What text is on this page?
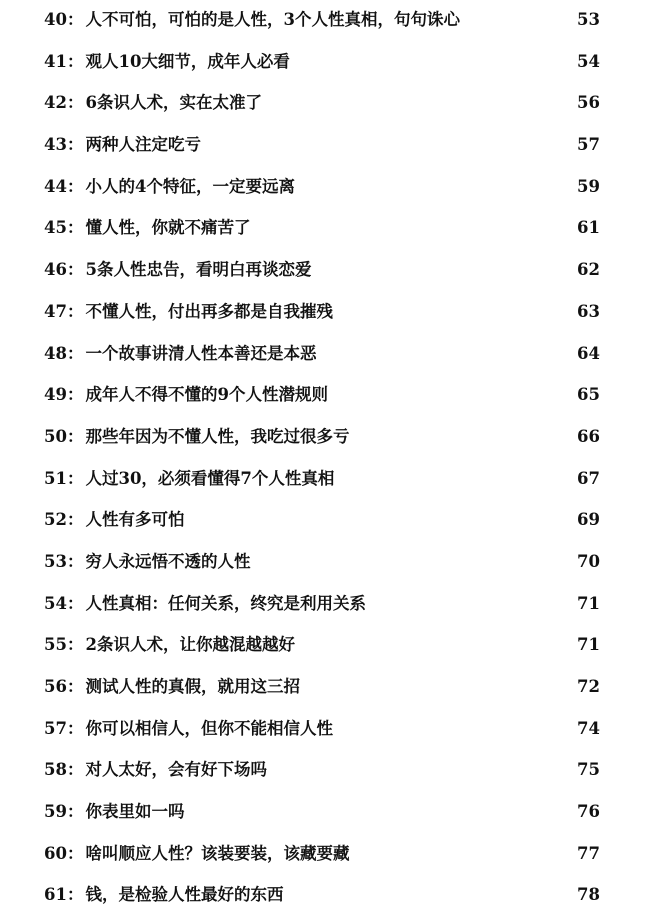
40： 人不可怕，可怕的是人性，3个人性真相，句句诛心	53
41： 观人10大细节，成年人必看	54
42： 6条识人术，实在太准了	56
43： 两种人注定吃亏	57
44： 小人的4个特征，一定要远离	59
45： 懂人性，你就不痛苦了	61
46： 5条人性忠告，看明白再谈恋爱	62
47： 不懂人性，付出再多都是自我摧残	63
48： 一个故事讲清人性本善还是本恶	64
49： 成年人不得不懂的9个人性潜规则	65
50： 那些年因为不懂人性，我吃过很多亏	66
51： 人过30，必须看懂得7个人性真相	67
52： 人性有多可怕	69
53： 穷人永远悟不透的人性	70
54： 人性真相：任何关系，终究是利用关系	71
55： 2条识人术，让你越混越越好	71
56： 测试人性的真假，就用这三招	72
57： 你可以相信人，但你不能相信人性	74
58： 对人太好，会有好下场吗	75
59： 你表里如一吗	76
60： 啥叫顺应人性？该装要装，该藏要藏	77
61： 钱，是检验人性最好的东西	78
